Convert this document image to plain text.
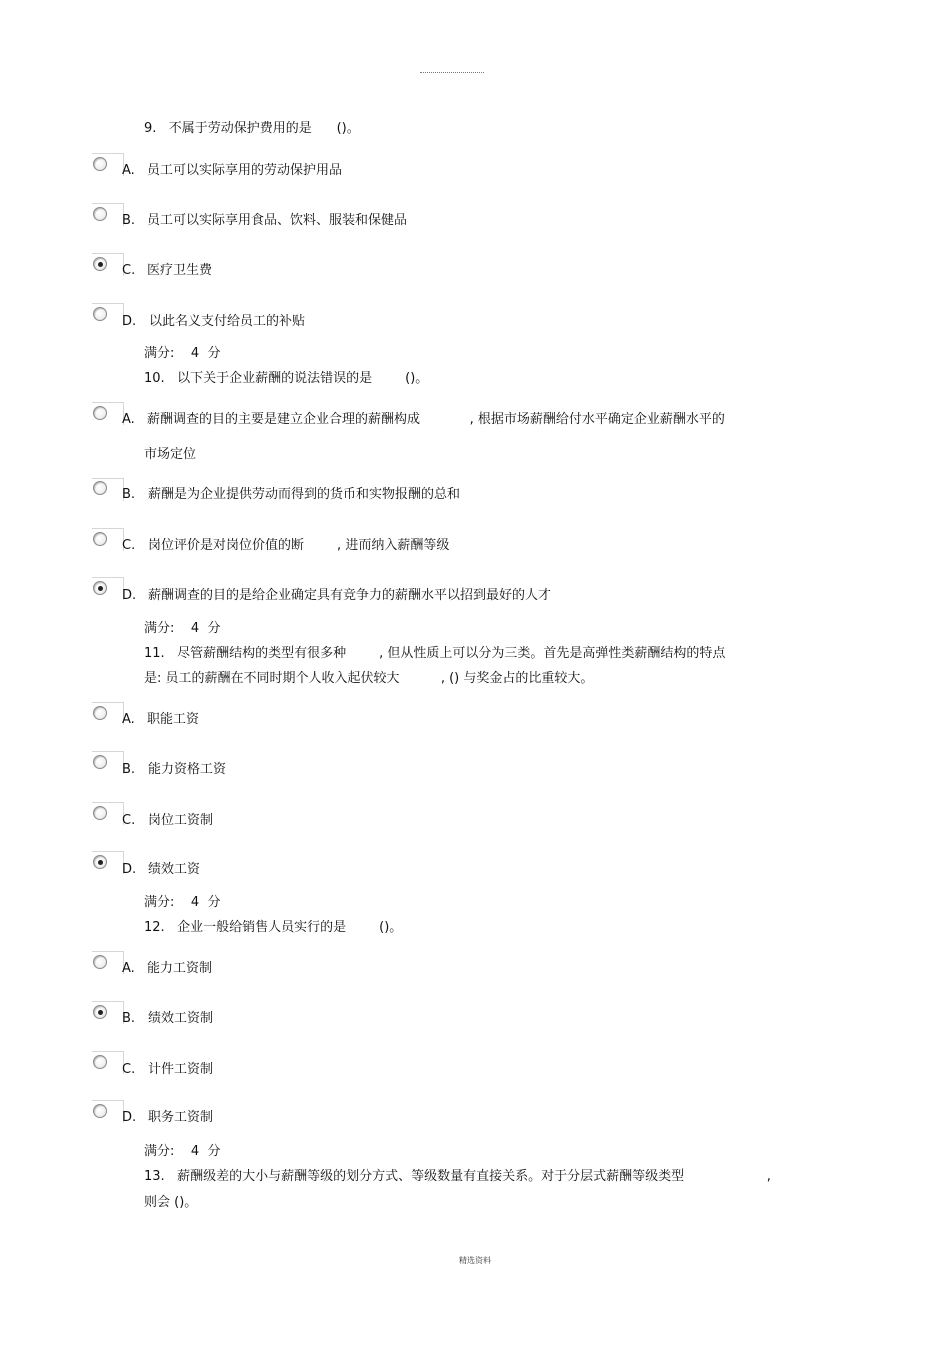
9.   不属于劳动保护费用的是      ()。
A. 员工可以实际享用的劳动保护用品
B. 员工可以实际享用食品、饮料、服装和保健品
C. 医疗卫生费
D. 以此名义支付给员工的补贴
满分:    4  分
10.   以下关于企业薪酬的说法错误的是        ()。
A. 薪酬调查的目的主要是建立企业合理的薪酬构成            , 根据市场薪酬给付水平确定企业薪酬水平的
市场定位
B. 薪酬是为企业提供劳动而得到的货币和实物报酬的总和
C. 岗位评价是对岗位价值的断        , 进而纳入薪酬等级
D. 薪酬调查的目的是给企业确定具有竞争力的薪酬水平以招到最好的人才
满分:    4  分
11.   尽管薪酬结构的类型有很多种        , 但从性质上可以分为三类。首先是高弹性类薪酬结构的特点
是: 员工的薪酬在不同时期个人收入起伏较大          , () 与奖金占的比重较大。
A. 职能工资
B. 能力资格工资
C. 岗位工资制
D. 绩效工资
满分:    4  分
12.   企业一般给销售人员实行的是        ()。
A. 能力工资制
B. 绩效工资制
C. 计件工资制
D. 职务工资制
满分:    4  分
13.   薪酬级差的大小与薪酬等级的划分方式、等级数量有直接关系。对于分层式薪酬等级类型                    ,
则会 ()。
精选资料
